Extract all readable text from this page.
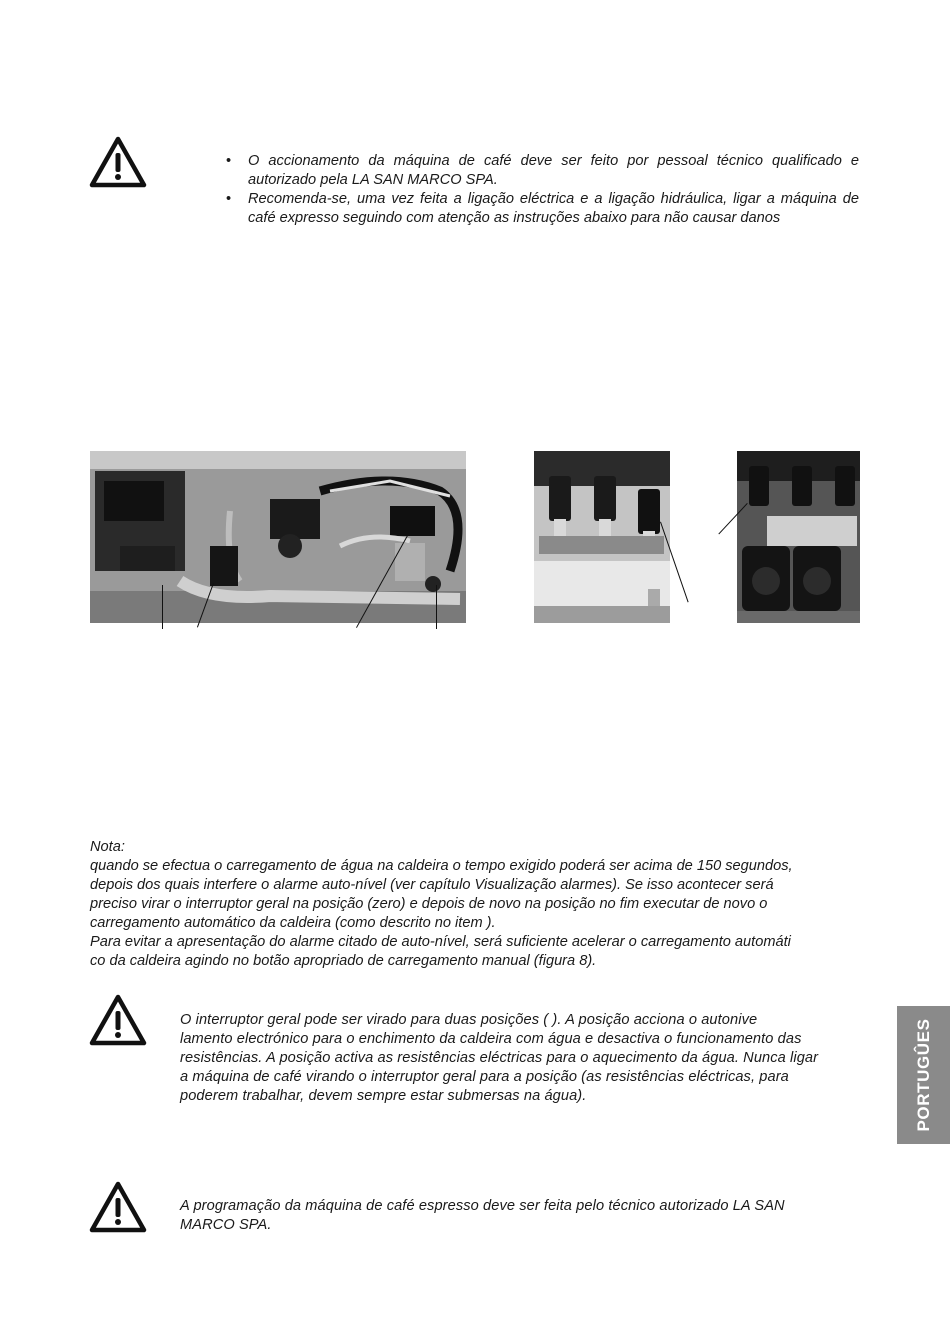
• O accionamento da máquina de café deve ser feito por pessoal técnico qualificado e autorizado pela LA SAN MARCO SPA.
• Recomenda-se, uma vez feita a ligação eléctrica e a ligação hidráulica, ligar a máquina de café expresso seguindo com atenção as instruções abaixo para não causar danos
Nota:
quando se efectua o carregamento de água na caldeira o tempo exigido poderá ser acima de 150 segundos,
depois dos quais interfere o alarme auto-nível (ver capítulo Visualização alarmes). Se isso acontecer será
preciso virar o interruptor geral na posição (zero) e depois de novo na posição no fim executar de novo o
carregamento automático da caldeira (como descrito no item ).
Para evitar a apresentação do alarme citado de auto-nível, será suficiente acelerar o carregamento automáti
co da caldeira agindo no botão apropriado de carregamento manual (figura 8).
O interruptor geral pode ser virado para duas posições ( ). A posição acciona o autonive
lamento electrónico para o enchimento da caldeira com água e desactiva o funcionamento das
resistências. A posição activa as resistências eléctricas para o aquecimento da água. Nunca ligar
a máquina de café virando o interruptor geral para a posição (as resistências eléctricas, para
poderem trabalhar, devem sempre estar submersas na água).	PORTUGÛES
A programação da máquina de café espresso deve ser feita pelo técnico autorizado LA SAN
MARCO SPA.
